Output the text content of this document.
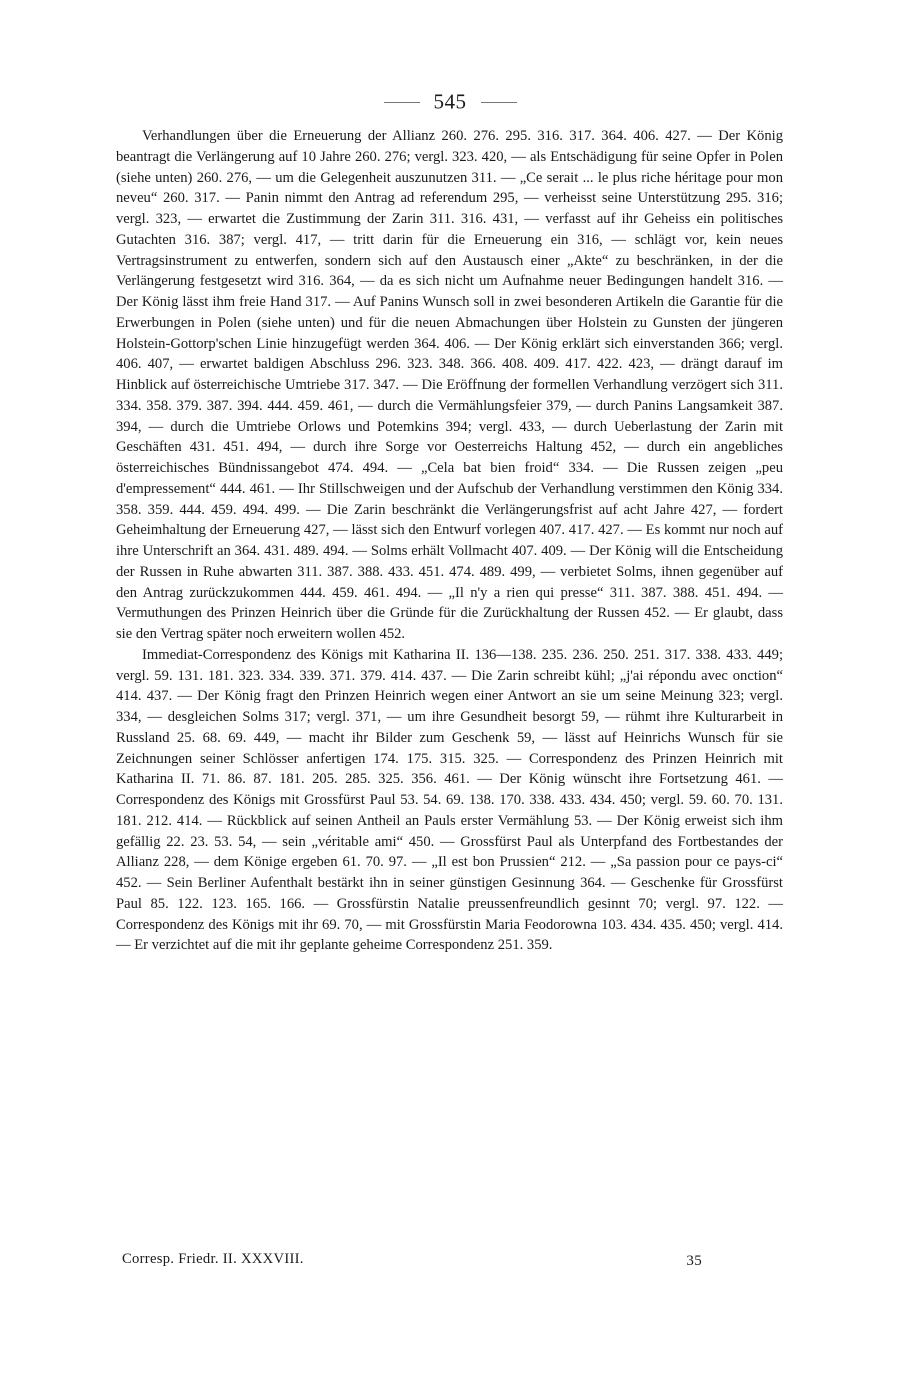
545

Verhandlungen über die Erneuerung der Allianz 260. 276. 295. 316. 317. 364. 406. 427. — Der König beantragt die Verlängerung auf 10 Jahre 260. 276; vergl. 323. 420, — als Entschädigung für seine Opfer in Polen (siehe unten) 260. 276, — um die Gelegenheit auszunutzen 311. — „Ce serait ... le plus riche héritage pour mon neveu“ 260. 317. — Panin nimmt den Antrag ad referendum 295, — verheisst seine Unterstützung 295. 316; vergl. 323, — erwartet die Zustimmung der Zarin 311. 316. 431, — verfasst auf ihr Geheiss ein politisches Gutachten 316. 387; vergl. 417, — tritt darin für die Erneuerung ein 316, — schlägt vor, kein neues Vertragsinstrument zu entwerfen, sondern sich auf den Austausch einer „Akte“ zu beschränken, in der die Verlängerung festgesetzt wird 316. 364, — da es sich nicht um Aufnahme neuer Bedingungen handelt 316. — Der König lässt ihm freie Hand 317. — Auf Panins Wunsch soll in zwei besonderen Artikeln die Garantie für die Erwerbungen in Polen (siehe unten) und für die neuen Abmachungen über Holstein zu Gunsten der jüngeren Holstein-Gottorp'schen Linie hinzugefügt werden 364. 406. — Der König erklärt sich einverstanden 366; vergl. 406. 407, — erwartet baldigen Abschluss 296. 323. 348. 366. 408. 409. 417. 422. 423, — drängt darauf im Hinblick auf österreichische Umtriebe 317. 347. — Die Eröffnung der formellen Verhandlung verzögert sich 311. 334. 358. 379. 387. 394. 444. 459. 461, — durch die Vermählungsfeier 379, — durch Panins Langsamkeit 387. 394, — durch die Umtriebe Orlows und Potemkins 394; vergl. 433, — durch Ueberlastung der Zarin mit Geschäften 431. 451. 494, — durch ihre Sorge vor Oesterreichs Haltung 452, — durch ein angebliches österreichisches Bündnissangebot 474. 494. — „Cela bat bien froid“ 334. — Die Russen zeigen „peu d'empressement“ 444. 461. — Ihr Stillschweigen und der Aufschub der Verhandlung verstimmen den König 334. 358. 359. 444. 459. 494. 499. — Die Zarin beschränkt die Verlängerungsfrist auf acht Jahre 427, — fordert Geheimhaltung der Erneuerung 427, — lässt sich den Entwurf vorlegen 407. 417. 427. — Es kommt nur noch auf ihre Unterschrift an 364. 431. 489. 494. — Solms erhält Vollmacht 407. 409. — Der König will die Entscheidung der Russen in Ruhe abwarten 311. 387. 388. 433. 451. 474. 489. 499, — verbietet Solms, ihnen gegenüber auf den Antrag zurückzukommen 444. 459. 461. 494. — „Il n'y a rien qui presse“ 311. 387. 388. 451. 494. — Vermuthungen des Prinzen Heinrich über die Gründe für die Zurückhaltung der Russen 452. — Er glaubt, dass sie den Vertrag später noch erweitern wollen 452.

Immediat-Correspondenz des Königs mit Katharina II. 136—138. 235. 236. 250. 251. 317. 338. 433. 449; vergl. 59. 131. 181. 323. 334. 339. 371. 379. 414. 437. — Die Zarin schreibt kühl; „j'ai répondu avec onction“ 414. 437. — Der König fragt den Prinzen Heinrich wegen einer Antwort an sie um seine Meinung 323; vergl. 334, — desgleichen Solms 317; vergl. 371, — um ihre Gesundheit besorgt 59, — rühmt ihre Kulturarbeit in Russland 25. 68. 69. 449, — macht ihr Bilder zum Geschenk 59, — lässt auf Heinrichs Wunsch für sie Zeichnungen seiner Schlösser anfertigen 174. 175. 315. 325. — Correspondenz des Prinzen Heinrich mit Katharina II. 71. 86. 87. 181. 205. 285. 325. 356. 461. — Der König wünscht ihre Fortsetzung 461. — Correspondenz des Königs mit Grossfürst Paul 53. 54. 69. 138. 170. 338. 433. 434. 450; vergl. 59. 60. 70. 131. 181. 212. 414. — Rückblick auf seinen Antheil an Pauls erster Vermählung 53. — Der König erweist sich ihm gefällig 22. 23. 53. 54, — sein „véritable ami“ 450. — Grossfürst Paul als Unterpfand des Fortbestandes der Allianz 228, — dem Könige ergeben 61. 70. 97. — „Il est bon Prussien“ 212. — „Sa passion pour ce pays-ci“ 452. — Sein Berliner Aufenthalt bestärkt ihn in seiner günstigen Gesinnung 364. — Geschenke für Grossfürst Paul 85. 122. 123. 165. 166. — Grossfürstin Natalie preussenfreundlich gesinnt 70; vergl. 97. 122. — Correspondenz des Königs mit ihr 69. 70, — mit Grossfürstin Maria Feodorowna 103. 434. 435. 450; vergl. 414. — Er verzichtet auf die mit ihr geplante geheime Correspondenz 251. 359.

Corresp. Friedr. II. XXXVIII.	35
